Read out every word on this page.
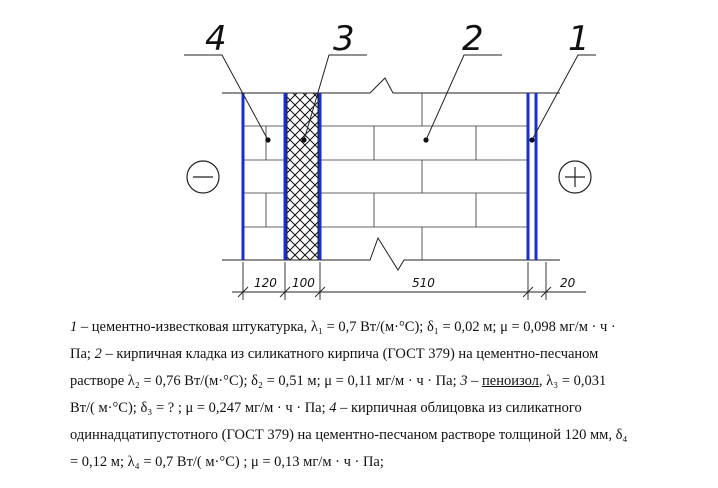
4	3	2 1
120 100	510	20
1 – цементно-известковая штукатурка, λ₁ = 0,7 Вт/(м·°С); δ₁ = 0,02 м; μ = 0,098 мг/м · ч ·
Па; 2 – кирпичная кладка из силикатного кирпича (ГОСТ 379) на цементно-песчаном
растворе λ₂ = 0,76 Вт/(м·°С); δ₂ = 0,51 м; μ = 0,11 мг/м · ч · Па; 3 – пеноизол, λ₃ = 0,031
Вт/( м·°С); δ₃ = ? ; μ = 0,247 мг/м · ч · Па; 4 – кирпичная облицовка из силикатного
одиннадцатипустотного (ГОСТ 379) на цементно-песчаном растворе толщиной 120 мм, δ₄
= 0,12 м; λ₄ = 0,7 Вт/( м·°С) ; μ = 0,13 мг/м · ч · Па;
